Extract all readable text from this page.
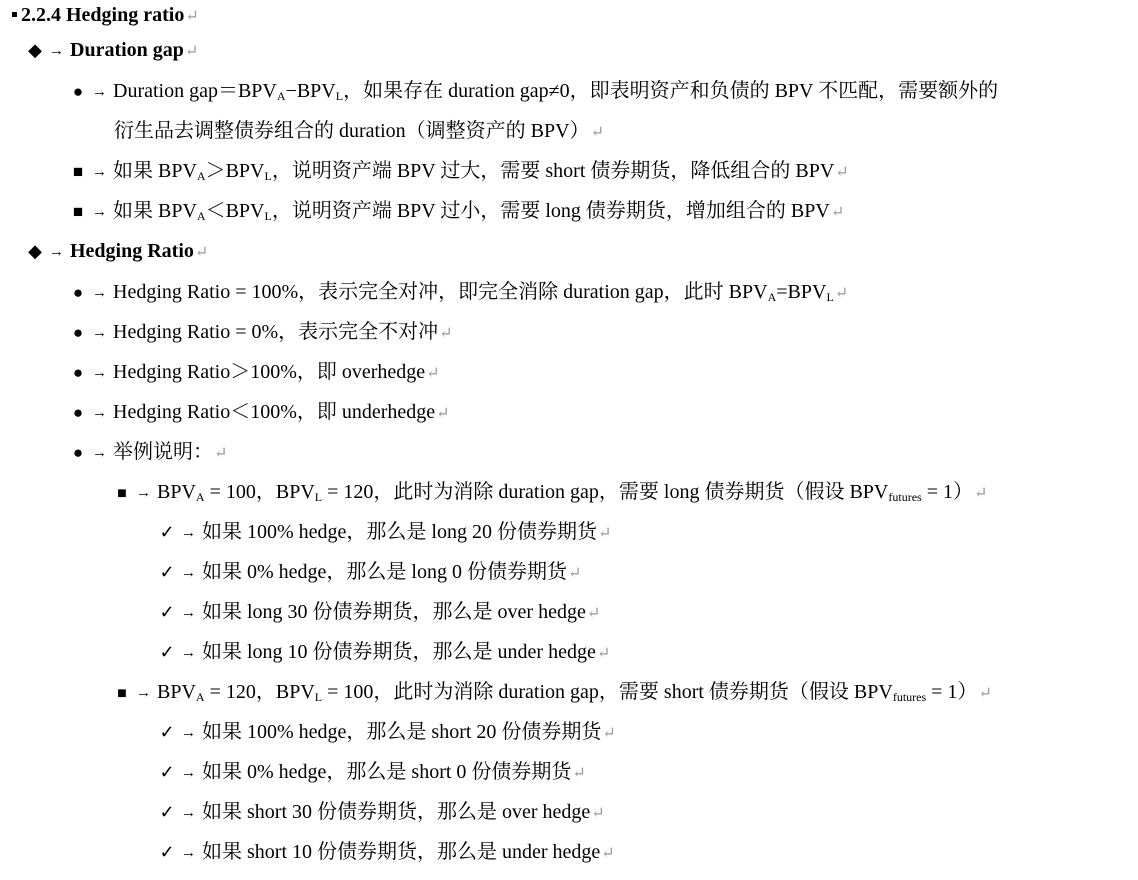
2.2.4 Hedging ratio↵
◆ → Duration gap↵
● → Duration $gap=BPV_A-BPV_L$，如果存在 duration gap≠0，即表明资产和负债的 BPV 不匹配，需要额外的
衍生品去调整债券组合的 duration（调整资产的 BPV）↵
■ → 如果 $BPV_A>BPV_L$，说明资产端 BPV 过大，需要 short 债券期货，降低组合的 BPV↵
■ → 如果 $BPV_A<BPV_L$，说明资产端 BPV 过小，需要 long 债券期货，增加组合的 BPV↵
◆ → Hedging Ratio↵
● → Hedging Ratio = 100%，表示完全对冲，即完全消除 duration gap，此时 $BPV_A=BPV_L↵$
● → Hedging Ratio = 0%，表示完全不对冲↵
● → Hedging Ratio＞100%，即 overhedge↵
● → Hedging Ratio＜100%，即 underhedge↵
● → 举例说明：↵
■ → $BPV_A = 100$，$BPV_L = 120$，此时为消除 duration gap，需要 long 债券期货（假设 $BPV_{futures}$ = 1）↵
✓ → 如果 100% hedge，那么是 long 20 份债券期货↵
✓ → 如果 0% hedge，那么是 long 0 份债券期货↵
✓ → 如果 long 30 份债券期货，那么是 over hedge↵
✓ → 如果 long 10 份债券期货，那么是 under hedge↵
■ → $BPV_A = 120$，$BPV_L = 100$，此时为消除 duration gap，需要 short 债券期货（假设 $BPV_{futures}$ = 1）↵
✓ → 如果 100% hedge，那么是 short 20 份债券期货↵
✓ → 如果 0% hedge，那么是 short 0 份债券期货↵
✓ → 如果 short 30 份债券期货，那么是 over hedge↵
✓ → 如果 short 10 份债券期货，那么是 under hedge↵
